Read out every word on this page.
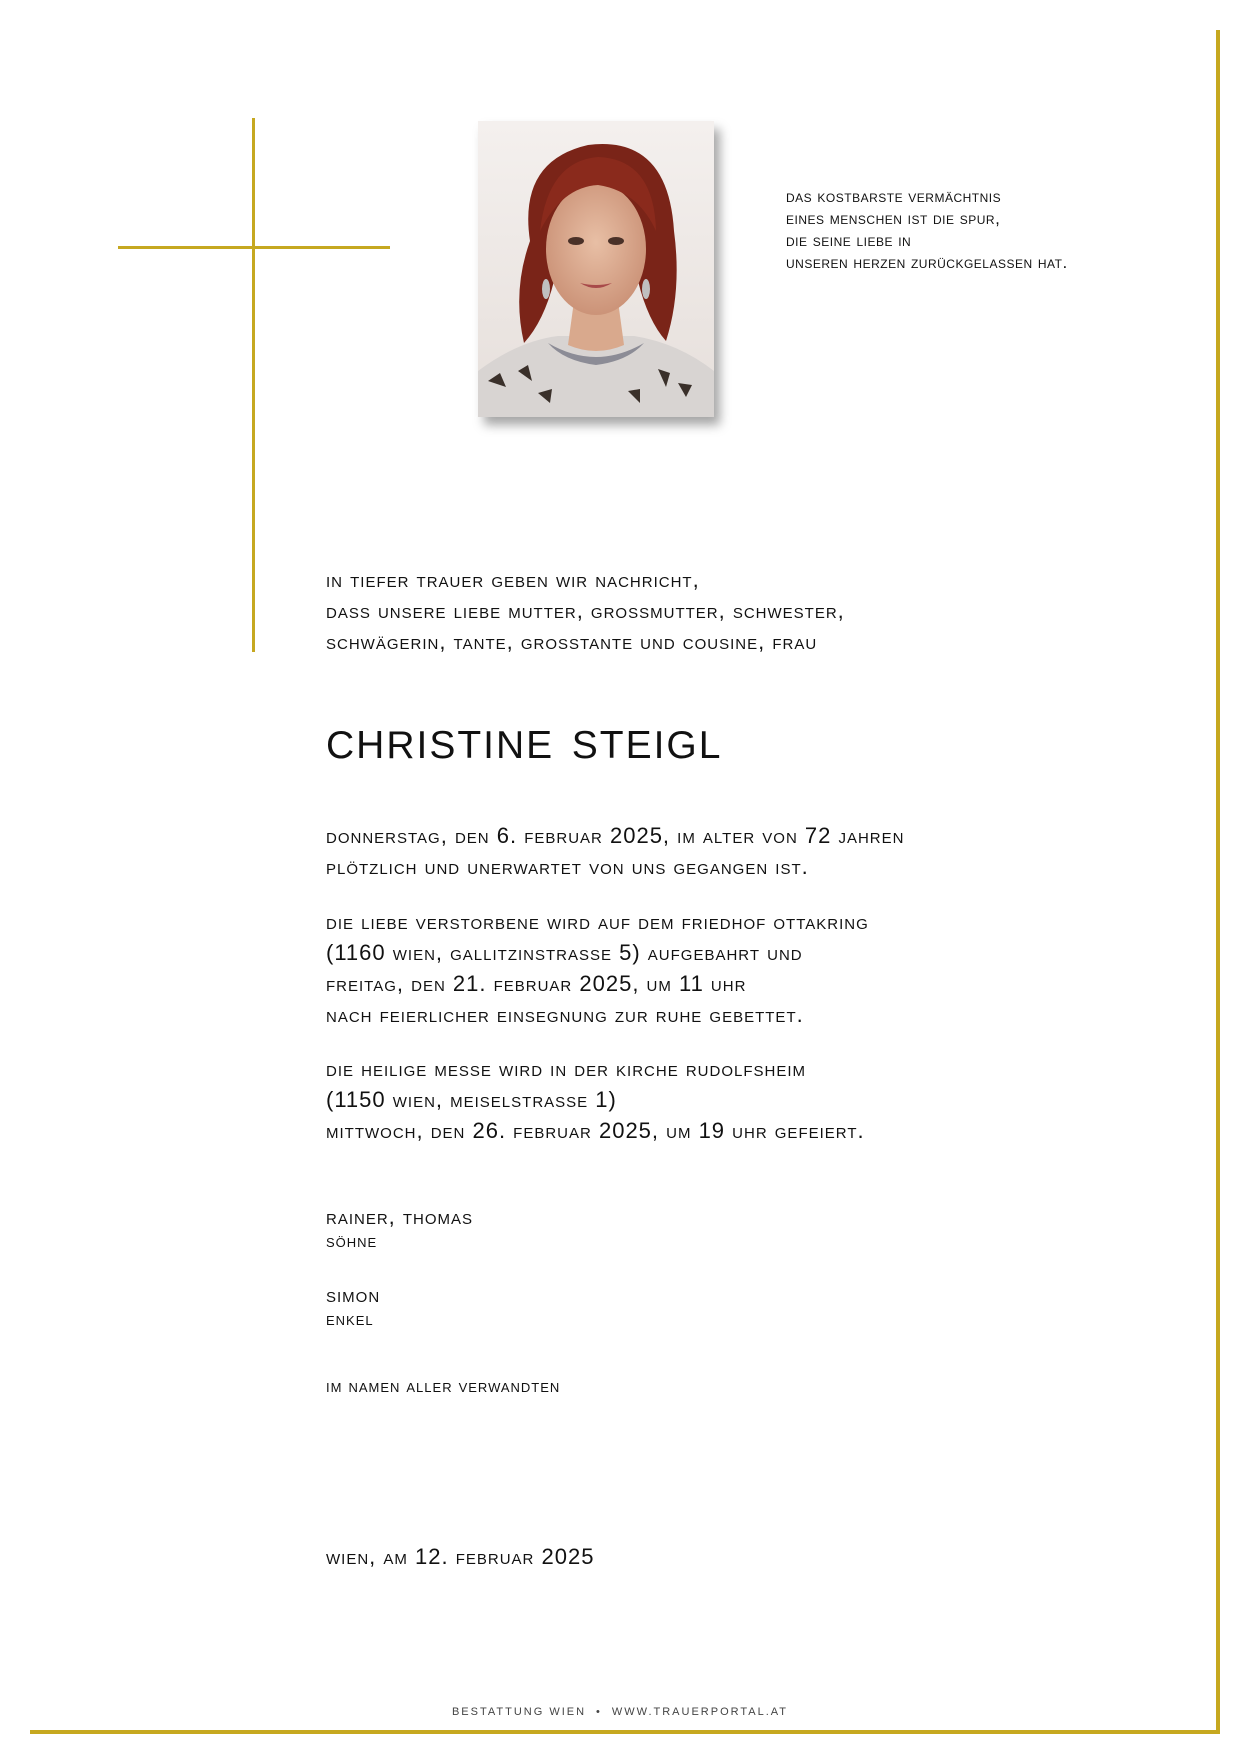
das kostbarste vermächtnis
eines menschen ist die spur,
die seine liebe in
unseren herzen zurückgelassen hat.
in tiefer trauer geben wir nachricht,
dass unsere liebe mutter, grossmutter, schwester,
schwägerin, tante, grosstante und cousine, frau
christine steigl
donnerstag, den 6. februar 2025, im alter von 72 jahren
plötzlich und unerwartet von uns gegangen ist.
die liebe verstorbene wird auf dem friedhof ottakring
(1160 wien, gallitzinstrasse 5) aufgebahrt und
freitag, den 21. februar 2025, um 11 uhr
nach feierlicher einsegnung zur ruhe gebettet.
die heilige messe wird in der kirche rudolfsheim
(1150 wien, meiselstrasse 1)
mittwoch, den 26. februar 2025, um 19 uhr gefeiert.
rainer, thomas
söhne
simon
enkel
im namen aller verwandten
wien, am 12. februar 2025
BESTATTUNG WIEN • WWW.TRAUERPORTAL.AT
